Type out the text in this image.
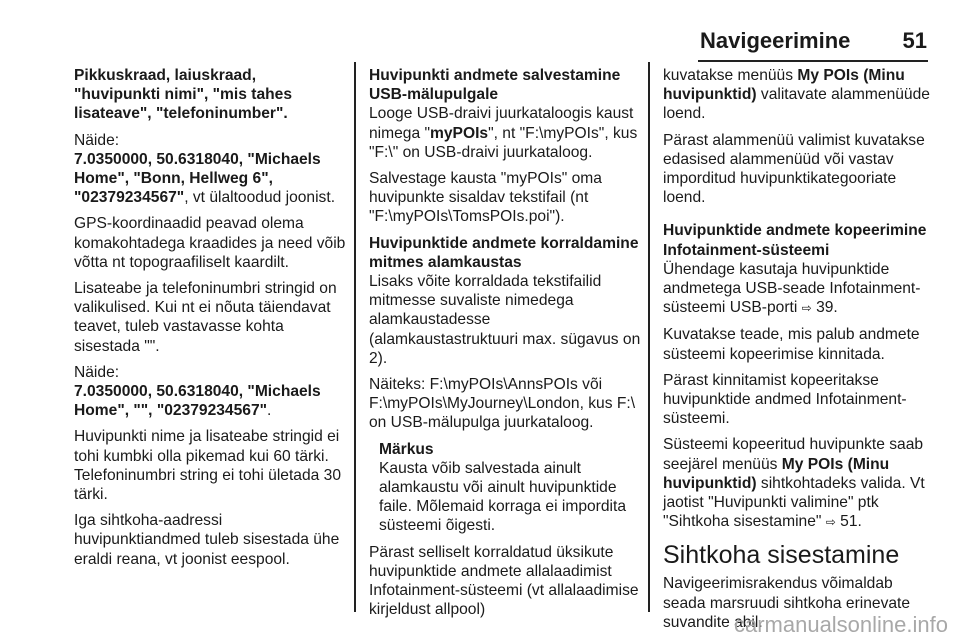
Navigeerimine 51

Pikkuskraad, laiuskraad, "huvipunkti nimi", "mis tahes lisateave", "telefoninumber".

Näide:
7.0350000, 50.6318040, "Michaels Home", "Bonn, Hellweg 6", "02379234567", vt ülaltoodud joonist.

GPS-koordinaadid peavad olema komakohtadega kraadides ja need võib võtta nt topograafiliselt kaardilt.

Lisateabe ja telefoninumbri stringid on valikulised. Kui nt ei nõuta täiendavat teavet, tuleb vastavasse kohta sisestada "".

Näide:
7.0350000, 50.6318040, "Michaels Home", "", "02379234567".

Huvipunkti nime ja lisateabe stringid ei tohi kumbki olla pikemad kui 60 tärki. Telefoninumbri string ei tohi ületada 30 tärki.

Iga sihtkoha-aadressi huvipunktiandmed tuleb sisestada ühe eraldi reana, vt joonist eespool.

Huvipunkti andmete salvestamine USB-mälupulgale

Looge USB-draivi juurkataloogis kaust nimega "myPOIs", nt "F:\myPOIs", kus "F:\" on USB-draivi juurkataloog.

Salvestage kausta "myPOIs" oma huvipunkte sisaldav tekstifail (nt "F:\myPOIs\TomsPOIs.poi").

Huvipunktide andmete korraldamine mitmes alamkaustas

Lisaks võite korraldada tekstifailid mitmesse suvaliste nimedega alamkaustadesse (alamkaustastruktuuri max. sügavus on 2).

Näiteks: F:\myPOIs\AnnsPOIs või F:\myPOIs\MyJourney\London, kus F:\ on USB-mälupulga juurkataloog.

Märkus
Kausta võib salvestada ainult alamkaustu või ainult huvipunktide faile. Mõlemaid korraga ei impordita süsteemi õigesti.

Pärast selliselt korraldatud üksikute huvipunktide andmete allalaadimist Infotainment-süsteemi (vt allalaadimise kirjeldust allpool)

kuvatakse menüüs My POIs (Minu huvipunktid) valitavate alammenüüde loend.

Pärast alammenüü valimist kuvatakse edasised alammenüüd või vastav imporditud huvipunktikategooriate loend.

Huvipunktide andmete kopeerimine Infotainment-süsteemi

Ühendage kasutaja huvipunktide andmetega USB-seade Infotainment-süsteemi USB-porti ⇨ 39.

Kuvatakse teade, mis palub andmete süsteemi kopeerimise kinnitada.

Pärast kinnitamist kopeeritakse huvipunktide andmed Infotainment-süsteemi.

Süsteemi kopeeritud huvipunkte saab seejärel menüüs My POIs (Minu huvipunktid) sihtkohtadeks valida. Vt jaotist "Huvipunkti valimine" ptk "Sihtkoha sisestamine" ⇨ 51.

Sihtkoha sisestamine

Navigeerimisrakendus võimaldab seada marsruudi sihtkoha erinevate suvandite abil.

carmanualsonline.info
